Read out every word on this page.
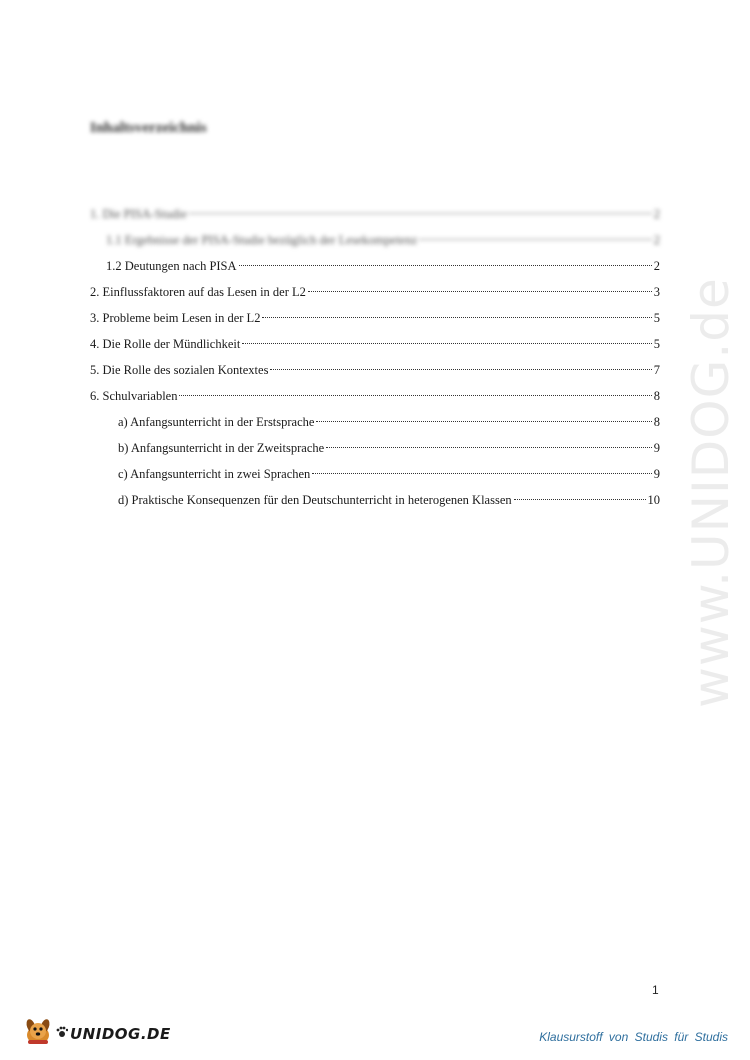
Inhaltsverzeichnis
1. Die PISA-Studie	2
1.1 Ergebnisse der PISA-Studie bezüglich der Lesekompetenz	2
1.2 Deutungen nach PISA	2
2. Einflussfaktoren auf das Lesen in der L2	3
3. Probleme beim Lesen in der L2	5
4. Die Rolle der Mündlichkeit	5
5. Die Rolle des sozialen Kontextes	7
6. Schulvariablen	8
a) Anfangsunterricht in der Erstsprache	8
b) Anfangsunterricht in der Zweitsprache	9
c) Anfangsunterricht in zwei Sprachen	9
d) Praktische Konsequenzen für den Deutschunterricht in heterogenen Klassen	10 www.UNIDOG.de
1
UNIDOG.DE	Klausurstoff von Studis für Studis
